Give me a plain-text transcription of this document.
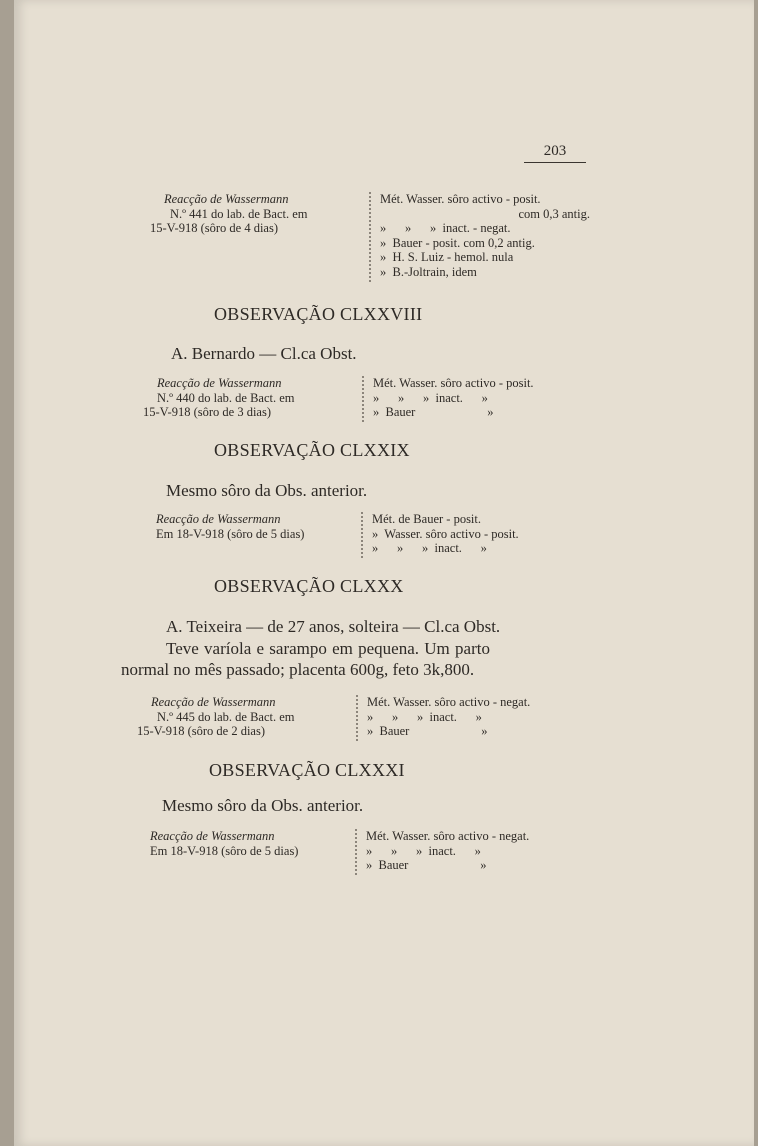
203
Reacção de Wassermann
N.º 441 do lab. de Bact. em
15-V-918 (sôro de 4 dias)
Mét. Wasser. sôro activo - posit.
com 0,3 antig.
»      »      »  inact. - negat.
»  Bauer - posit. com 0,2 antig.
»  H. S. Luiz - hemol. nula
»  B.-Joltrain, idem
OBSERVAÇÃO CLXXVIII
A. Bernardo — Cl.ca Obst.
Reacção de Wassermann
N.º 440 do lab. de Bact. em
15-V-918 (sôro de 3 dias)
Mét. Wasser. sôro activo - posit.
»      »      »  inact.      »
»  Bauer                       »
OBSERVAÇÃO CLXXIX
Mesmo sôro da Obs. anterior.
Reacção de Wassermann
Em 18-V-918 (sôro de 5 dias)
Mét. de Bauer - posit.
»  Wasser. sôro activo - posit.
»      »      »  inact.      »
OBSERVAÇÃO CLXXX
A. Teixeira — de 27 anos, solteira — Cl.ca Obst.
Teve varíola e sarampo em pequena. Um parto
normal no mês passado; placenta 600g, feto 3k,800.
Reacção de Wassermann
N.º 445 do lab. de Bact. em
15-V-918 (sôro de 2 dias)
Mét. Wasser. sôro activo - negat.
»      »      »  inact.      »
»  Bauer                       »
OBSERVAÇÃO CLXXXI
Mesmo sôro da Obs. anterior.
Reacção de Wassermann
Em 18-V-918 (sôro de 5 dias)
Mét. Wasser. sôro activo - negat.
»      »      »  inact.      »
»  Bauer                       »
